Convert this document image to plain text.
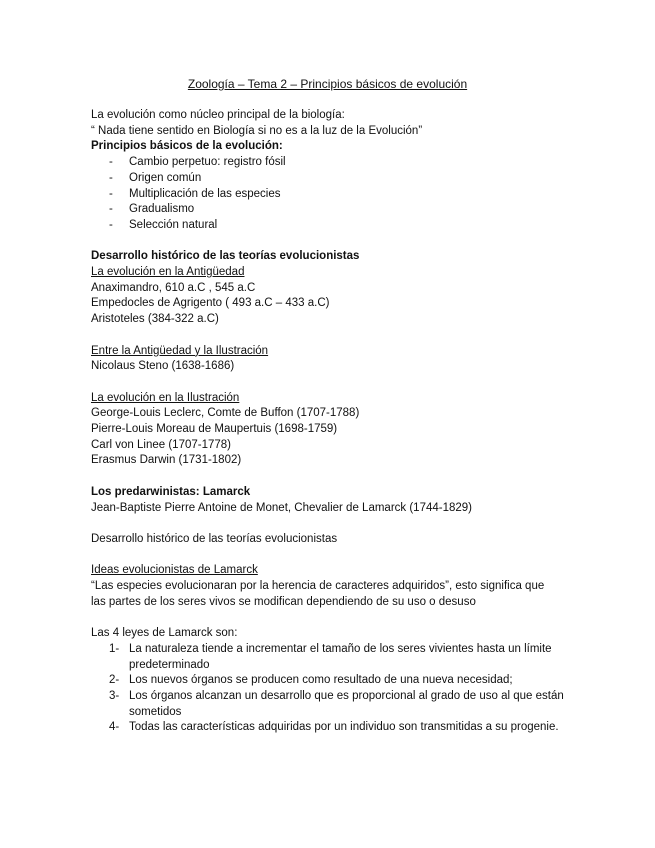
Zoología – Tema 2 – Principios básicos de evolución
La evolución como núcleo principal de la biología:
“ Nada tiene sentido en Biología si no es a la luz de la Evolución”
Principios básicos de la evolución:
-	Cambio perpetuo: registro fósil
-	Origen común
-	Multiplicación de las especies
-	Gradualismo
-	Selección natural
Desarrollo histórico de las teorías evolucionistas
La evolución en la Antigüedad
Anaximandro, 610 a.C , 545 a.C
Empedocles de Agrigento ( 493 a.C – 433 a.C)
Aristoteles (384-322 a.C)
Entre la Antigüedad y la Ilustración
Nicolaus Steno (1638-1686)
La evolución en la Ilustración
George-Louis Leclerc, Comte de Buffon (1707-1788)
Pierre-Louis Moreau de Maupertuis (1698-1759)
Carl von Linee (1707-1778)
Erasmus Darwin (1731-1802)
Los predarwinistas: Lamarck
Jean-Baptiste Pierre Antoine de Monet, Chevalier de Lamarck (1744-1829)
Desarrollo histórico de las teorías evolucionistas
Ideas evolucionistas de Lamarck
“Las especies evolucionaran por la herencia de caracteres adquiridos”, esto significa que
las partes de los seres vivos se modifican dependiendo de su uso o desuso
Las 4 leyes de Lamarck son:
1- La naturaleza tiende a incrementar el tamaño de los seres vivientes hasta un límite predeterminado
2- Los nuevos órganos se producen como resultado de una nueva necesidad;
3- Los órganos alcanzan un desarrollo que es proporcional al grado de uso al que están sometidos
4- Todas las características adquiridas por un individuo son transmitidas a su progenie.
